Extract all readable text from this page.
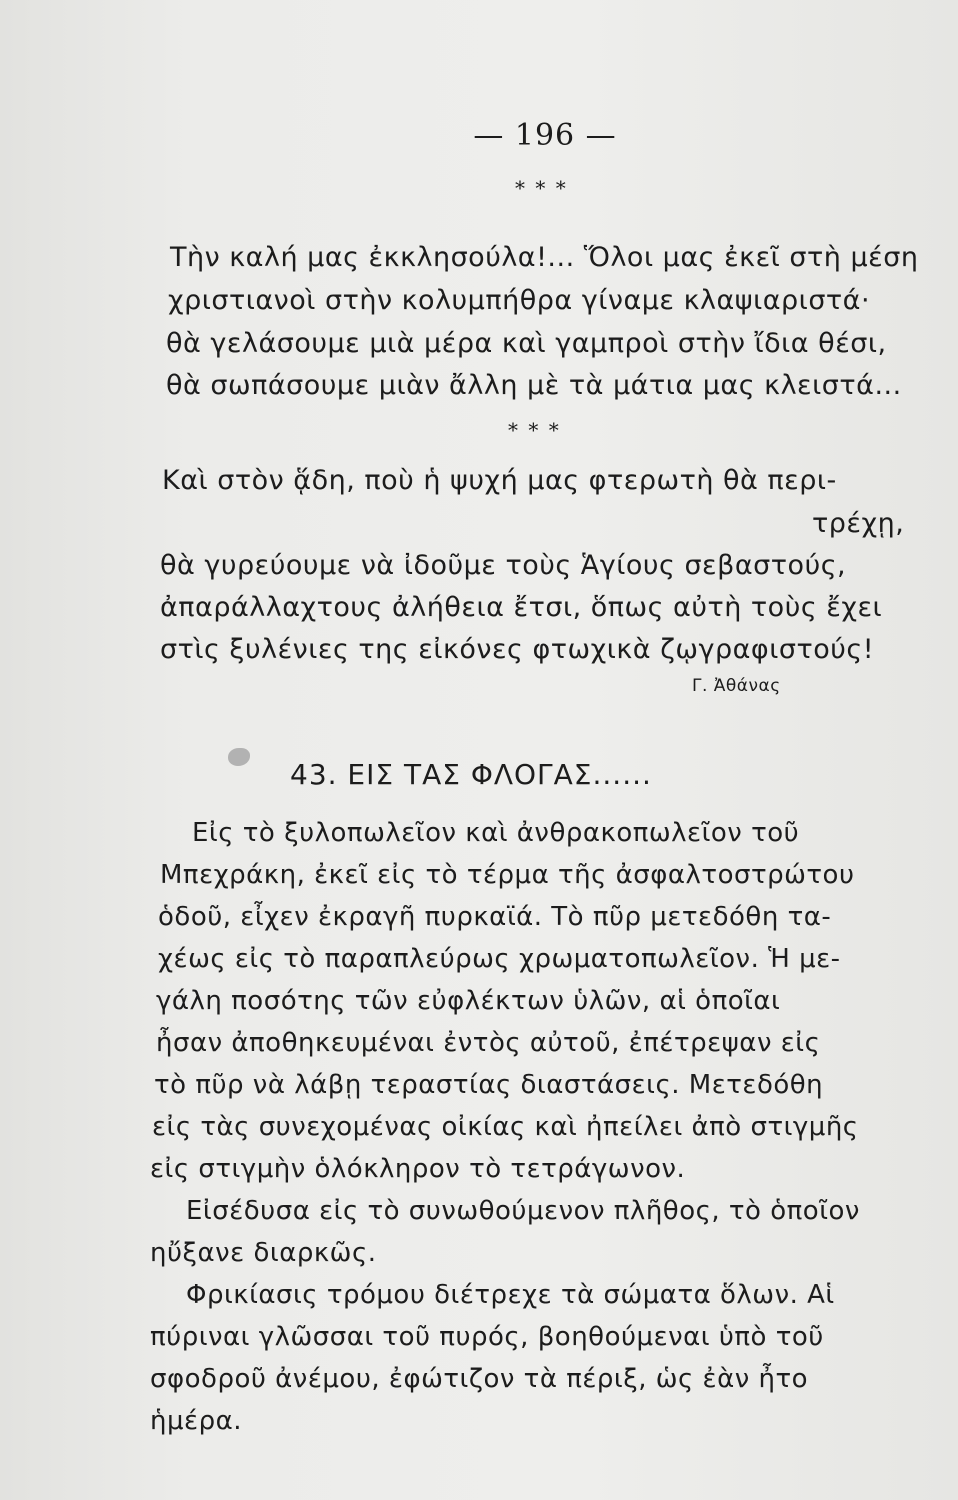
— 196 —
* * *
Τὴν καλή μας ἐκκλησούλα!... Ὅλοι μας ἐκεῖ στὴ μέση
χριστιανοὶ στὴν κολυμπήθρα γίναμε κλαψιαριστά·
θὰ γελάσουμε μιὰ μέρα καὶ γαμπροὶ στὴν ἴδια θέσι,
θὰ σωπάσουμε μιὰν ἄλλη μὲ τὰ μάτια μας κλειστά...
* * *
Καὶ στὸν ᾅδη, ποὺ ἡ ψυχή μας φτερωτὴ θὰ περι-
τρέχῃ,
θὰ γυρεύουμε νὰ ἰδοῦμε τοὺς Ἁγίους σεβαστούς,
ἀπαράλλαχτους ἀλήθεια ἔτσι, ὅπως αὐτὴ τοὺς ἔχει
στὶς ξυλένιες της εἰκόνες φτωχικὰ ζῳγραφιστούς!
Γ. Ἀθάνας
43. ΕΙΣ ΤΑΣ ΦΛΟΓΑΣ......
Εἰς τὸ ξυλοπωλεῖον καὶ ἀνθρακοπωλεῖον τοῦ
Μπεχράκη, ἐκεῖ εἰς τὸ τέρμα τῆς ἀσφαλτοστρώτου
ὁδοῦ, εἶχεν ἐκραγῆ πυρκαϊά. Τὸ πῦρ μετεδόθη τα-
χέως εἰς τὸ παραπλεύρως χρωματοπωλεῖον. Ἡ με-
γάλη ποσότης τῶν εὐφλέκτων ὑλῶν, αἱ ὁποῖαι
ἦσαν ἀποθηκευμέναι ἐντὸς αὐτοῦ, ἐπέτρεψαν εἰς
τὸ πῦρ νὰ λάβῃ τεραστίας διαστάσεις. Μετεδόθη
εἰς τὰς συνεχομένας οἰκίας καὶ ἠπείλει ἀπὸ στιγμῆς
εἰς στιγμὴν ὁλόκληρον τὸ τετράγωνον.
Εἰσέδυσα εἰς τὸ συνωθούμενον πλῆθος, τὸ ὁποῖον
ηὔξανε διαρκῶς.
Φρικίασις τρόμου διέτρεχε τὰ σώματα ὅλων. Αἱ
πύριναι γλῶσσαι τοῦ πυρός, βοηθούμεναι ὑπὸ τοῦ
σφοδροῦ ἀνέμου, ἐφώτιζον τὰ πέριξ, ὡς ἐὰν ἦτο
ἡμέρα.
